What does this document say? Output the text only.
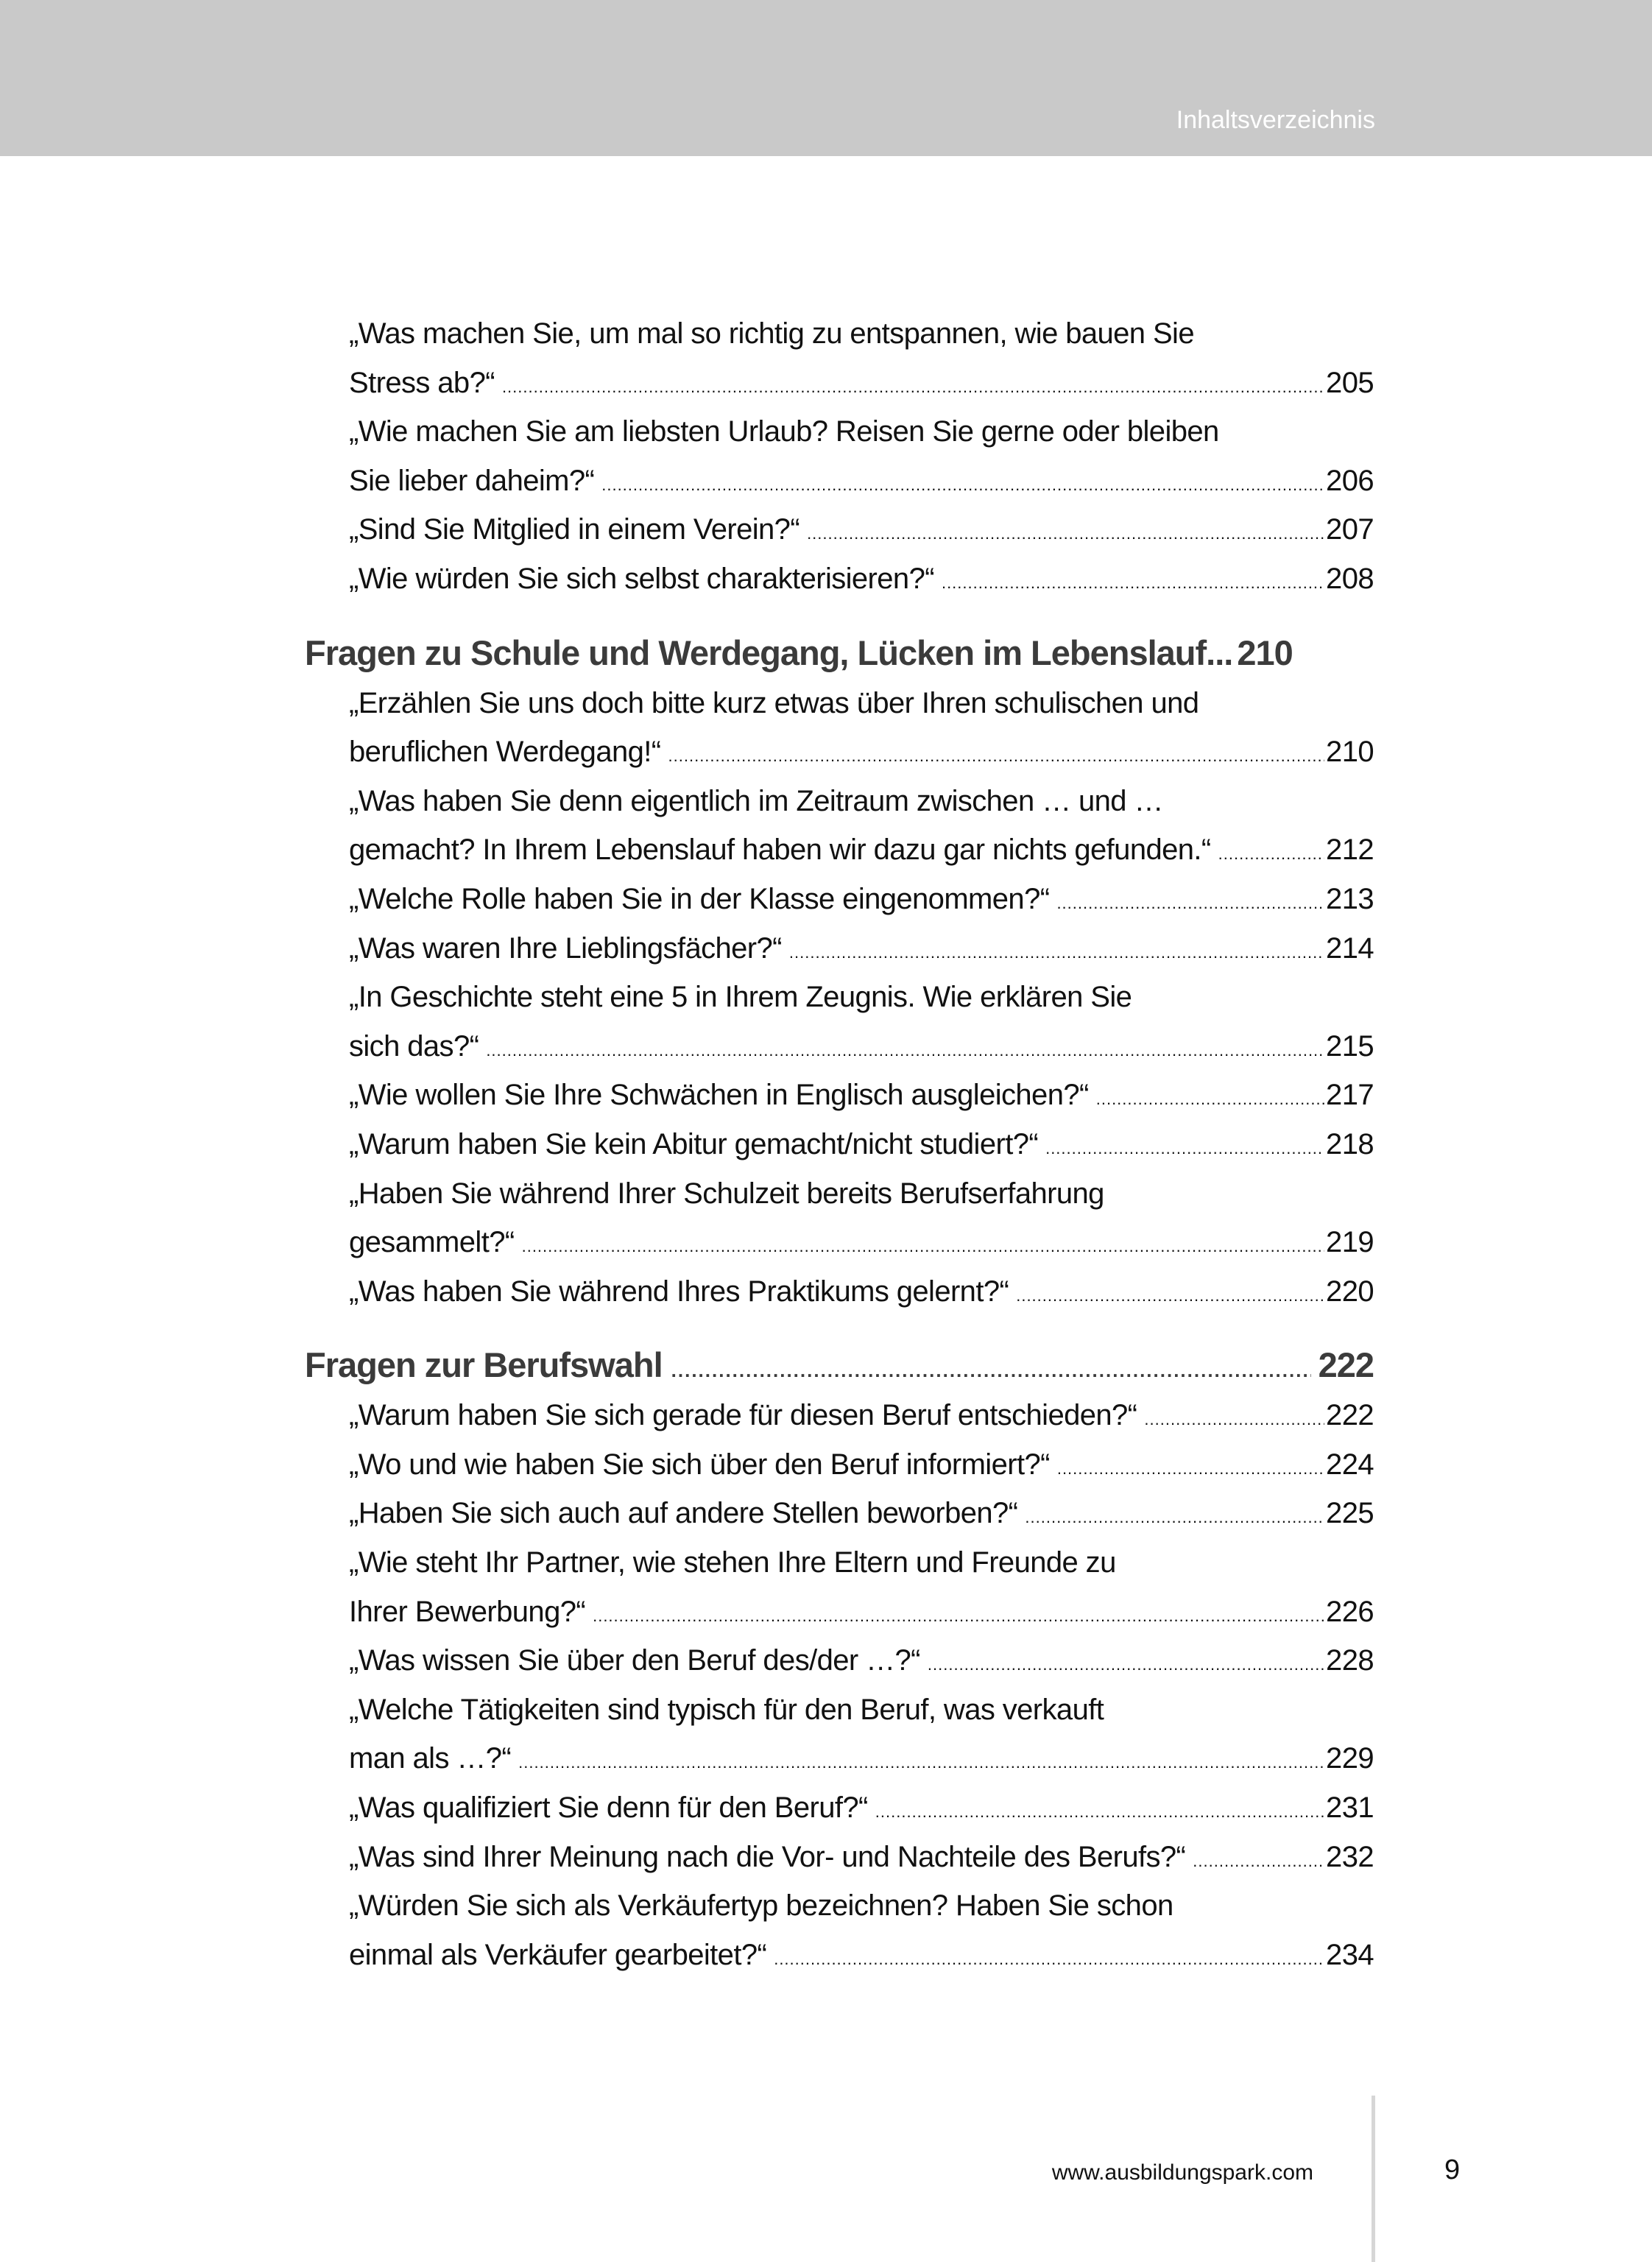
Inhaltsverzeichnis
„Was machen Sie, um mal so richtig zu entspannen, wie bauen Sie
Stress ab?“ .....	205
„Wie machen Sie am liebsten Urlaub? Reisen Sie gerne oder bleiben
Sie lieber daheim?“ .....	206
„Sind Sie Mitglied in einem Verein?“ .....	207
„Wie würden Sie sich selbst charakterisieren?“ .....	208
Fragen zu Schule und Werdegang, Lücken im Lebenslauf ... 210
„Erzählen Sie uns doch bitte kurz etwas über Ihren schulischen und
beruflichen Werdegang!“ .....	210
„Was haben Sie denn eigentlich im Zeitraum zwischen … und …
gemacht? In Ihrem Lebenslauf haben wir dazu gar nichts gefunden.“ .....	212
„Welche Rolle haben Sie in der Klasse eingenommen?“ .....	213
„Was waren Ihre Lieblingsfächer?“ .....	214
„In Geschichte steht eine 5 in Ihrem Zeugnis. Wie erklären Sie
sich das?“ .....	215
„Wie wollen Sie Ihre Schwächen in Englisch ausgleichen?“ .....	217
„Warum haben Sie kein Abitur gemacht/nicht studiert?“ .....	218
„Haben Sie während Ihrer Schulzeit bereits Berufserfahrung
gesammelt?“ .....	219
„Was haben Sie während Ihres Praktikums gelernt?“ .....	220
Fragen zur Berufswahl .....	222
„Warum haben Sie sich gerade für diesen Beruf entschieden?“ .....	222
„Wo und wie haben Sie sich über den Beruf informiert?“ .....	224
„Haben Sie sich auch auf andere Stellen beworben?“ .....	225
„Wie steht Ihr Partner, wie stehen Ihre Eltern und Freunde zu
Ihrer Bewerbung?“ .....	226
„Was wissen Sie über den Beruf des/der …?“ .....	228
„Welche Tätigkeiten sind typisch für den Beruf, was verkauft
man als …?“ .....	229
„Was qualifiziert Sie denn für den Beruf?“ .....	231
„Was sind Ihrer Meinung nach die Vor- und Nachteile des Berufs?“ .....	232
„Würden Sie sich als Verkäufertyp bezeichnen? Haben Sie schon
einmal als Verkäufer gearbeitet?“ .....	234
www.ausbildungspark.com	9
